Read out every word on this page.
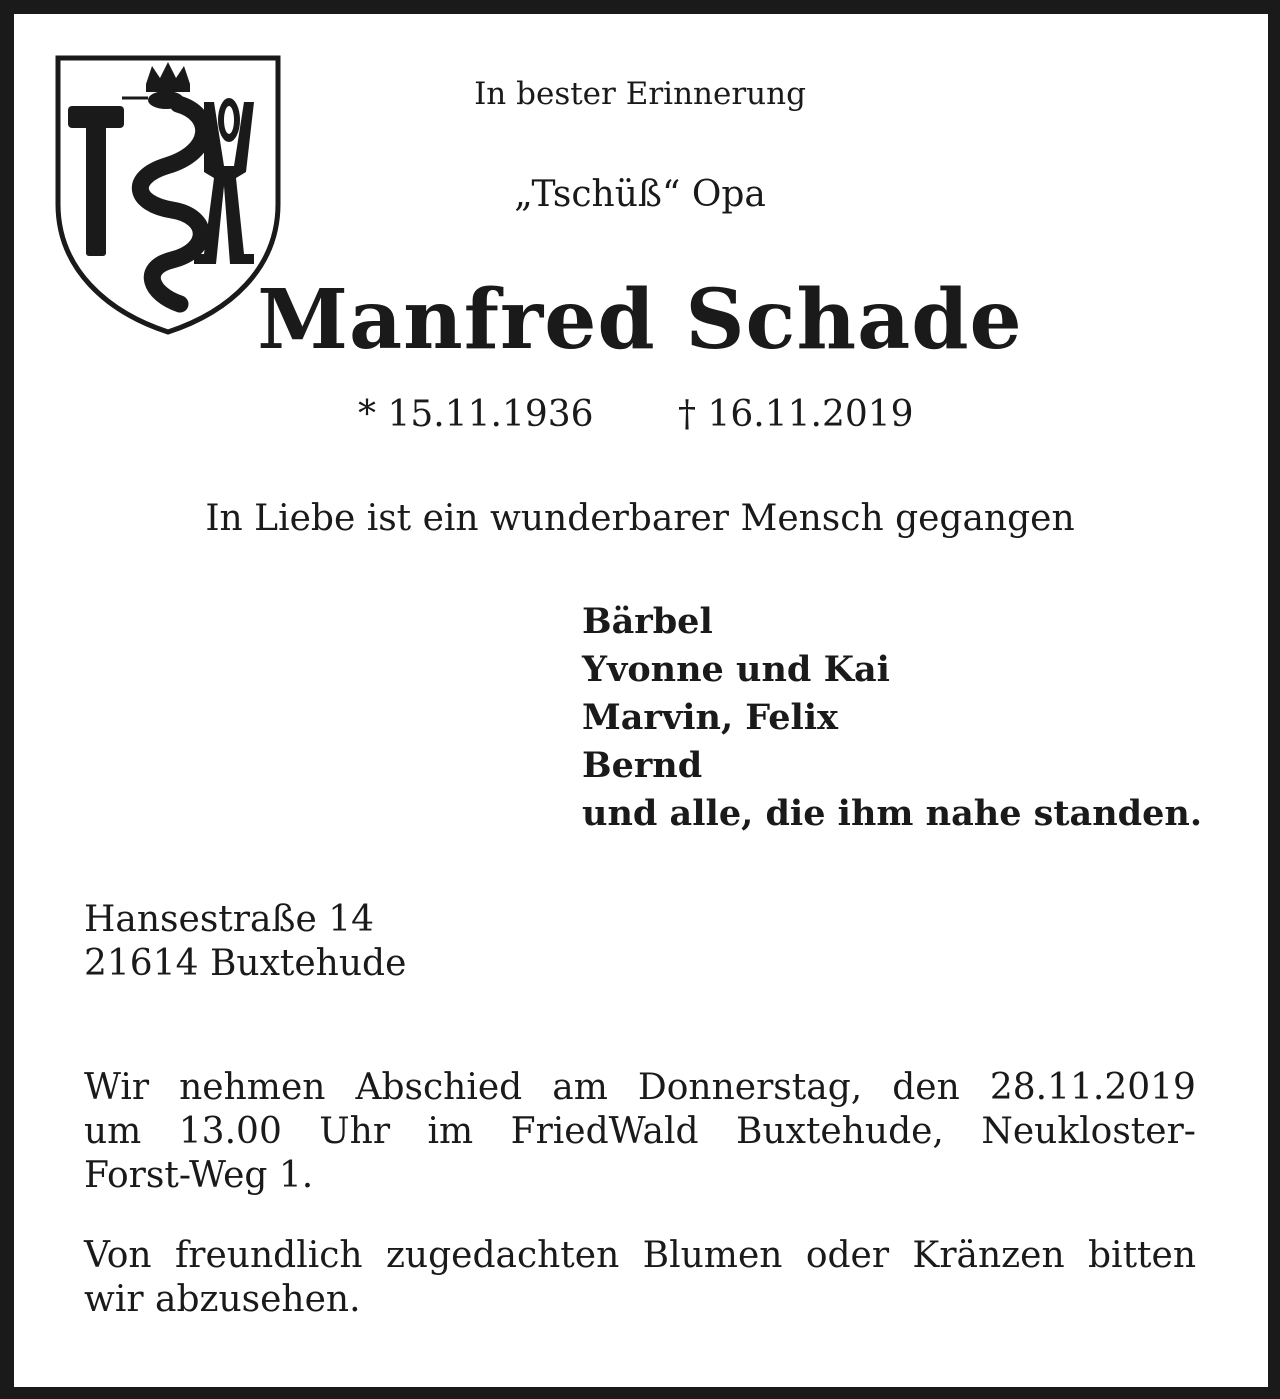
In bester Erinnerung
„Tschüß“ Opa
Manfred Schade
* 15.11.1936 † 16.11.2019
In Liebe ist ein wunderbarer Mensch gegangen
Bärbel
Yvonne und Kai
Marvin, Felix
Bernd
und alle, die ihm nahe standen.
Hansestraße 14
21614 Buxtehude
Wir nehmen Abschied am Donnerstag, den 28.11.2019
um 13.00 Uhr im FriedWald Buxtehude, Neukloster-
Forst-Weg 1.
Von freundlich zugedachten Blumen oder Kränzen bitten
wir abzusehen.
